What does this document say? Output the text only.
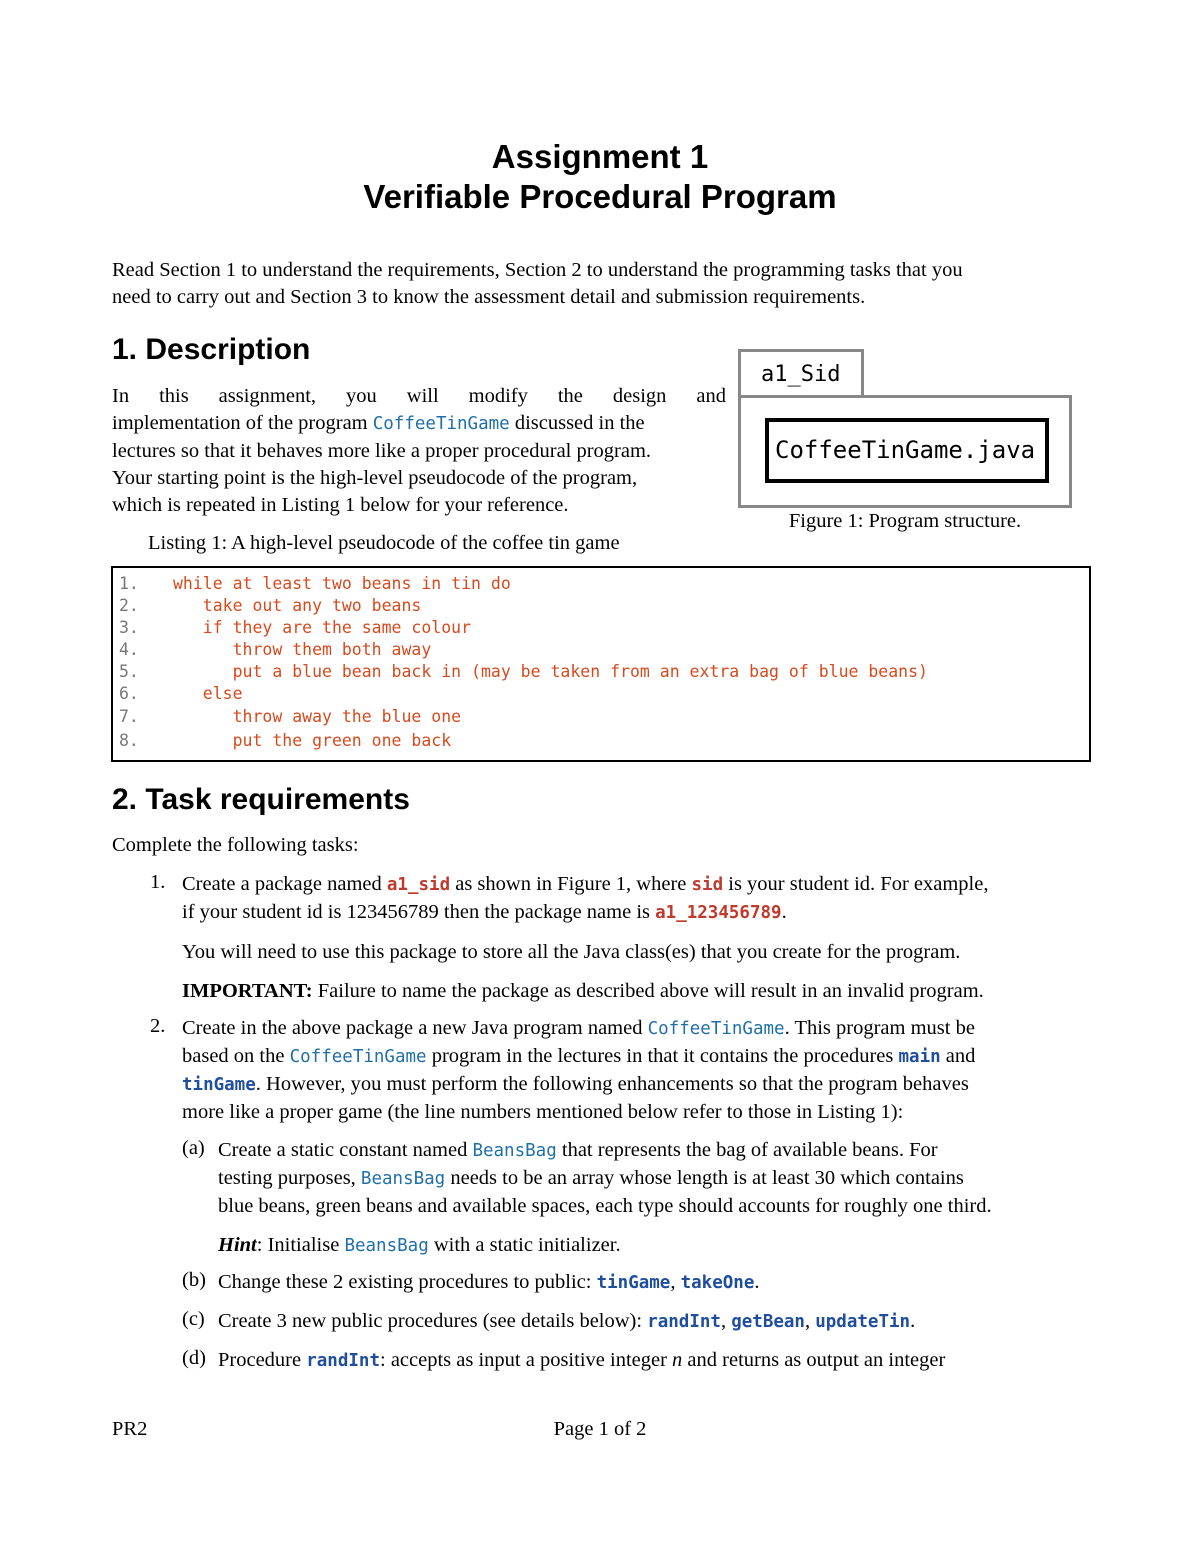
Assignment 1
Verifiable Procedural Program
Read Section 1 to understand the requirements, Section 2 to understand the programming tasks that you
need to carry out and Section 3 to know the assessment detail and submission requirements.
1. Description
In this assignment, you will modify the design and
implementation of the program CoffeeTinGame discussed in the
lectures so that it behaves more like a proper procedural program.
Your starting point is the high-level pseudocode of the program,
which is repeated in Listing 1 below for your reference.
Listing 1: A high-level pseudocode of the coffee tin game
a1_Sid
CoffeeTinGame.java
Figure 1: Program structure.
1. while at least two beans in tin do
2.   take out any two beans
3.   if they are the same colour
4.      throw them both away
5.      put a blue bean back in (may be taken from an extra bag of blue beans)
6.   else
7.      throw away the blue one
8.      put the green one back
2. Task requirements
Complete the following tasks:
1. Create a package named a1_sid as shown in Figure 1, where sid is your student id. For example,
if your student id is 123456789 then the package name is a1_123456789.
You will need to use this package to store all the Java class(es) that you create for the program.
IMPORTANT: Failure to name the package as described above will result in an invalid program.
2. Create in the above package a new Java program named CoffeeTinGame. This program must be
based on the CoffeeTinGame program in the lectures in that it contains the procedures main and
tinGame. However, you must perform the following enhancements so that the program behaves
more like a proper game (the line numbers mentioned below refer to those in Listing 1):
(a) Create a static constant named BeansBag that represents the bag of available beans. For
testing purposes, BeansBag needs to be an array whose length is at least 30 which contains
blue beans, green beans and available spaces, each type should accounts for roughly one third.
Hint: Initialise BeansBag with a static initializer.
(b) Change these 2 existing procedures to public: tinGame, takeOne.
(c) Create 3 new public procedures (see details below): randInt, getBean, updateTin.
(d) Procedure randInt: accepts as input a positive integer n and returns as output an integer
PR2	Page 1 of 2
